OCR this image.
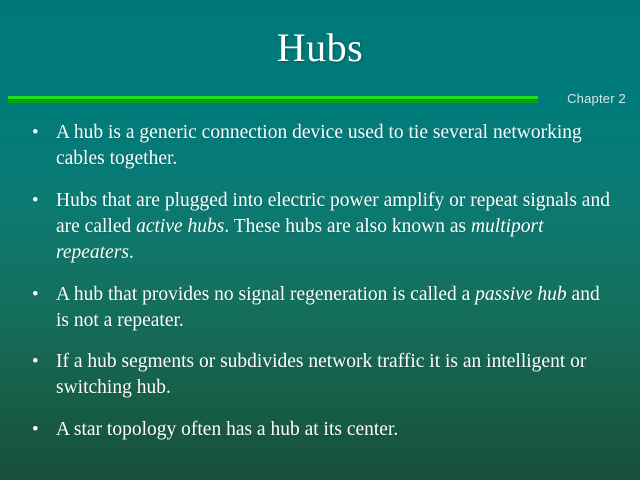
Hubs
Chapter 2
• A hub is a generic connection device used to tie several networking cables together.
• Hubs that are plugged into electric power amplify or repeat signals and are called active hubs. These hubs are also known as multiport repeaters.
• A hub that provides no signal regeneration is called a passive hub and is not a repeater.
• If a hub segments or subdivides network traffic it is an intelligent or switching hub.
• A star topology often has a hub at its center.
